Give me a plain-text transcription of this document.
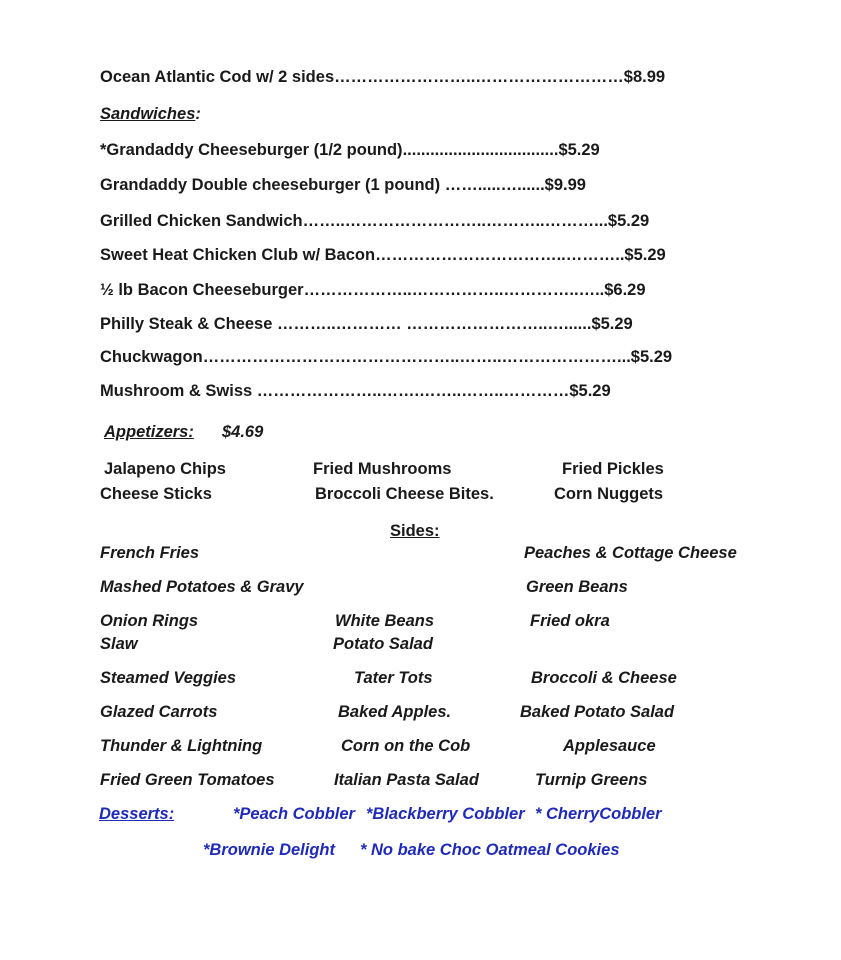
Ocean Atlantic Cod w/ 2 sides……………………..………………………$8.99
Sandwiches:
*Grandaddy Cheeseburger (1/2 pound)..................................$5.29
Grandaddy Double cheeseburger (1 pound) …….....…......$9.99
Grilled Chicken Sandwich……..……………………..………..………...$5.29
Sweet Heat Chicken Club w/ Bacon……………………………..………..$5.29
½ lb Bacon Cheeseburger………………..……………..…………..…..$6.29
Philly Steak & Cheese ………..………… ……………………..…......$5.29
Chuckwagon………………………………………..……..…………………...$5.29
Mushroom & Swiss …………………..…….……..……..…………$5.29
Appetizers: $4.69
Jalapeno Chips	Fried Mushrooms	Fried Pickles
Cheese Sticks	Broccoli Cheese Bites.	Corn Nuggets
Sides:
French Fries	Peaches & Cottage Cheese
Mashed Potatoes & Gravy	Green Beans
Onion Rings	White Beans	Fried okra
Slaw	Potato Salad
Steamed Veggies	Tater Tots	Broccoli & Cheese
Glazed Carrots	Baked Apples.	Baked Potato Salad
Thunder & Lightning	Corn on the Cob	Applesauce
Fried Green Tomatoes	Italian Pasta Salad	Turnip Greens
Desserts:	*Peach Cobbler *Blackberry Cobbler * CherryCobbler
*Brownie Delight * No bake Choc Oatmeal Cookies
